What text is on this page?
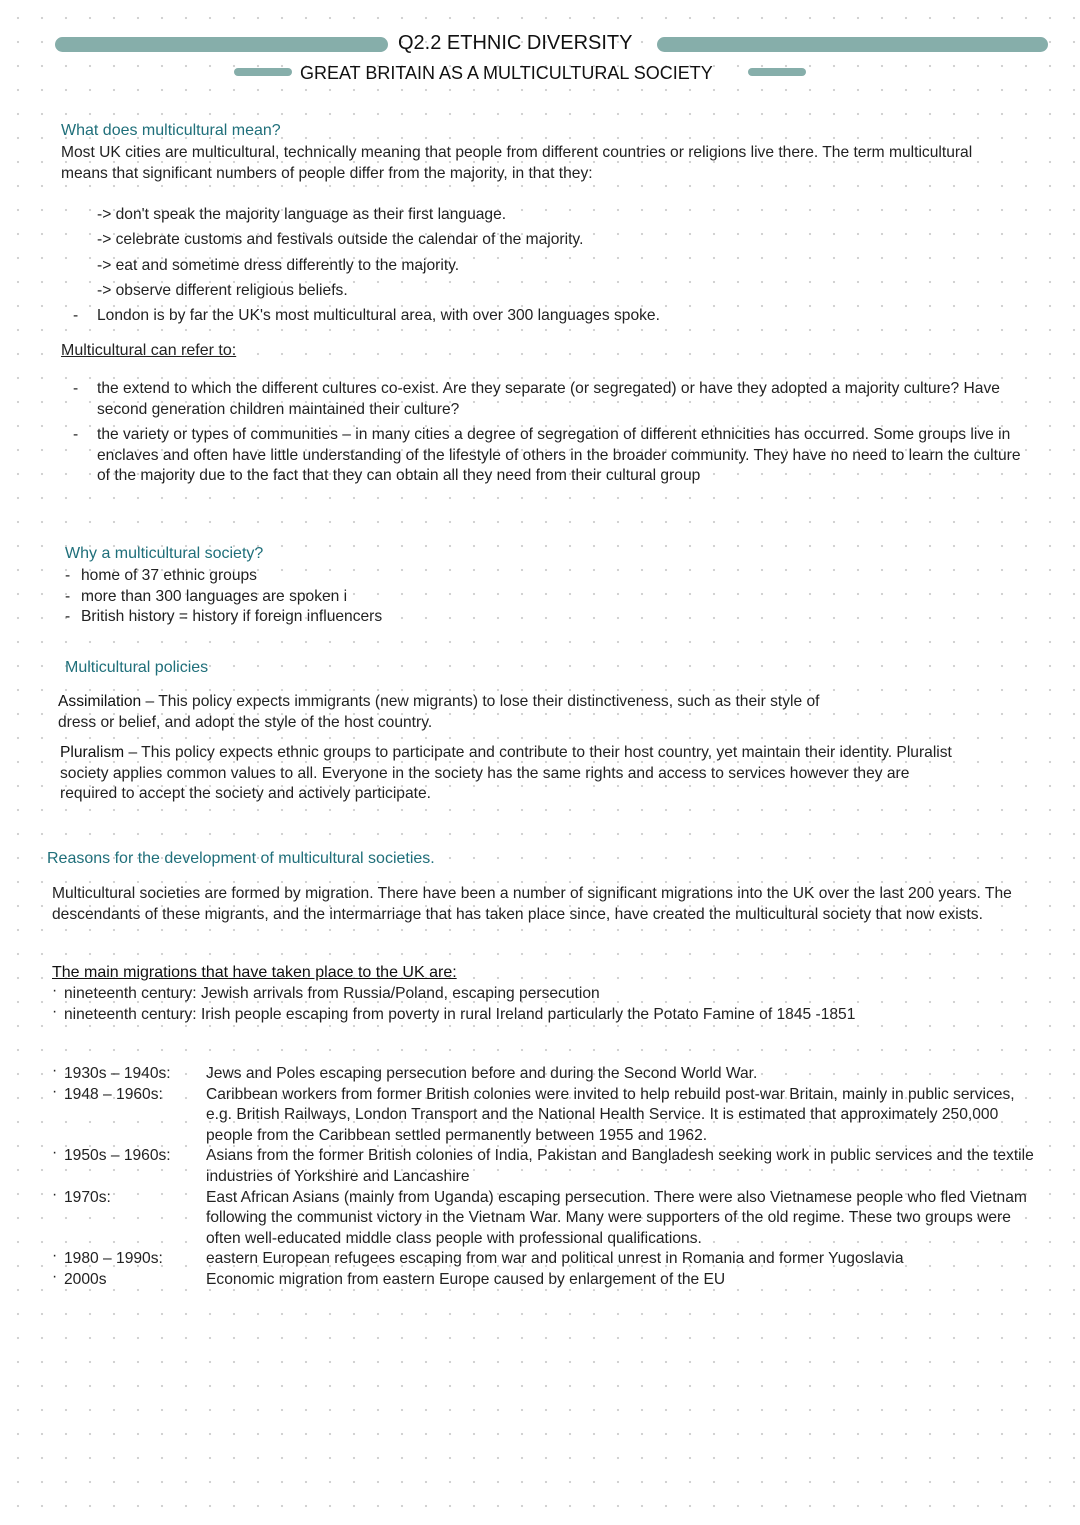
Q2.2 ETHNIC DIVERSITY
GREAT BRITAIN AS A MULTICULTURAL SOCIETY
What does multicultural mean?
Most UK cities are multicultural, technically meaning that people from different countries or religions live there. The term multicultural means that significant numbers of people differ from the majority, in that they:
-> don't speak the majority language as their first language.
-> celebrate customs and festivals outside the calendar of the majority.
-> eat and sometime dress differently to the majority.
-> observe different religious beliefs.
- London is by far the UK's most multicultural area, with over 300 languages spoke.
Multicultural can refer to:
- the extend to which the different cultures co-exist. Are they separate (or segregated) or have they adopted a majority culture? Have second generation children maintained their culture?
- the variety or types of communities – in many cities a degree of segregation of different ethnicities has occurred. Some groups live in enclaves and often have little understanding of the lifestyle of others in the broader community. They have no need to learn the culture of the majority due to the fact that they can obtain all they need from their cultural group
Why a multicultural society?
- home of 37 ethnic groups
- more than 300 languages are spoken i
- British history = history if foreign influencers
Multicultural policies
Assimilation – This policy expects immigrants (new migrants) to lose their distinctiveness, such as their style of dress or belief, and adopt the style of the host country.
Pluralism – This policy expects ethnic groups to participate and contribute to their host country, yet maintain their identity. Pluralist society applies common values to all. Everyone in the society has the same rights and access to services however they are required to accept the society and actively participate.
Reasons for the development of multicultural societies.
Multicultural societies are formed by migration. There have been a number of significant migrations into the UK over the last 200 years. The descendants of these migrants, and the intermarriage that has taken place since, have created the multicultural society that now exists.
The main migrations that have taken place to the UK are:
· nineteenth century: Jewish arrivals from Russia/Poland, escaping persecution
· nineteenth century: Irish people escaping from poverty in rural Ireland particularly the Potato Famine of 1845 -1851
· 1930s – 1940s:	Jews and Poles escaping persecution before and during the Second World War.
· 1948 – 1960s:	Caribbean workers from former British colonies were invited to help rebuild post-war Britain, mainly in public services, e.g. British Railways, London Transport and the National Health Service. It is estimated that approximately 250,000 people from the Caribbean settled permanently between 1955 and 1962.
· 1950s – 1960s:	Asians from the former British colonies of India, Pakistan and Bangladesh seeking work in public services and the textile industries of Yorkshire and Lancashire
· 1970s:	East African Asians (mainly from Uganda) escaping persecution. There were also Vietnamese people who fled Vietnam following the communist victory in the Vietnam War. Many were supporters of the old regime. These two groups were often well-educated middle class people with professional qualifications.
· 1980 – 1990s:	eastern European refugees escaping from war and political unrest in Romania and former Yugoslavia
· 2000s	Economic migration from eastern Europe caused by enlargement of the EU
